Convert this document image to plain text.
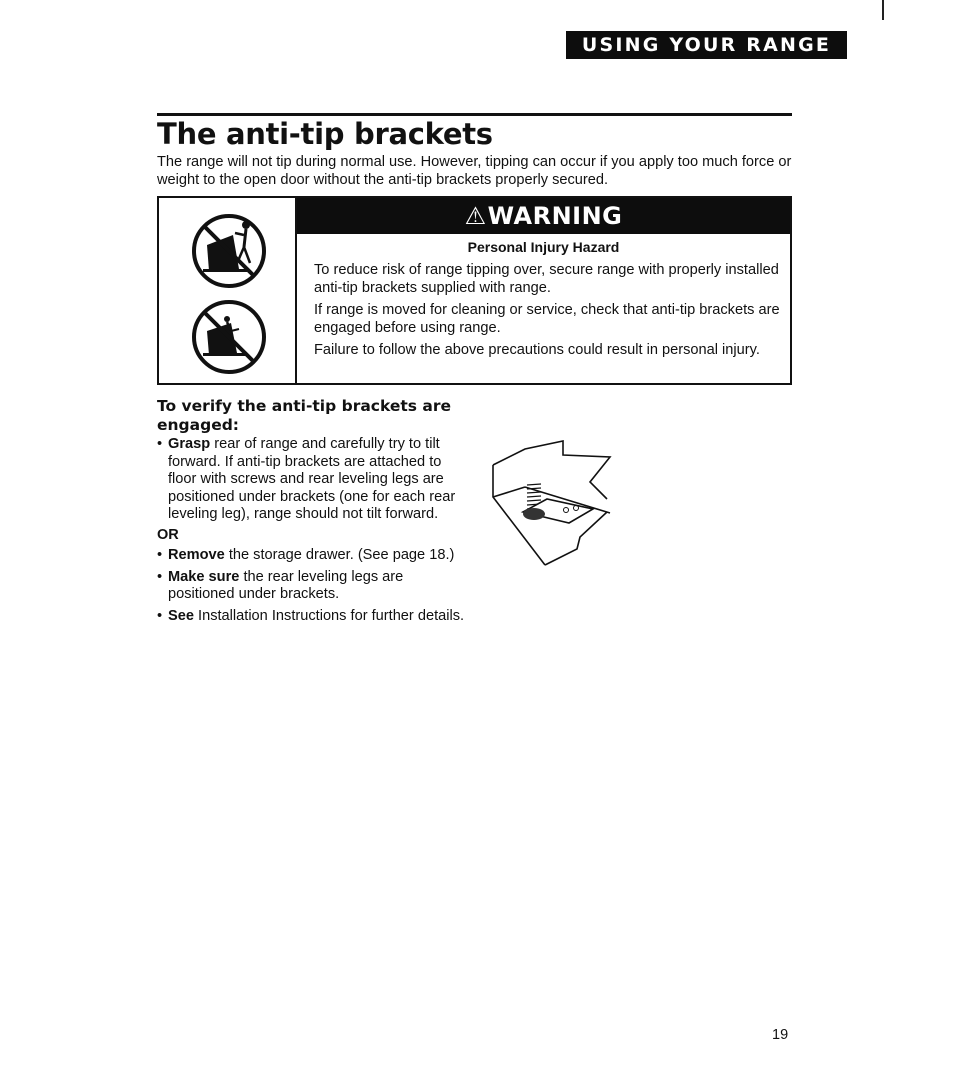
USING YOUR RANGE
The anti-tip brackets

The range will not tip during normal use. However, tipping can occur if you apply too much force or weight to the open door without the anti-tip brackets properly secured.

⚠ WARNING
Personal Injury Hazard

To reduce risk of range tipping over, secure range with properly installed anti-tip brackets supplied with range.

If range is moved for cleaning or service, check that anti-tip brackets are engaged before using range.

Failure to follow the above precautions could result in personal injury.

To verify the anti-tip brackets are engaged:

• Grasp rear of range and carefully try to tilt forward. If anti-tip brackets are attached to floor with screws and rear leveling legs are positioned under brackets (one for each rear leveling leg), range should not tilt forward.

OR

• Remove the storage drawer. (See page 18.)

• Make sure the rear leveling legs are positioned under brackets.

• See Installation Instructions for further details.

19
